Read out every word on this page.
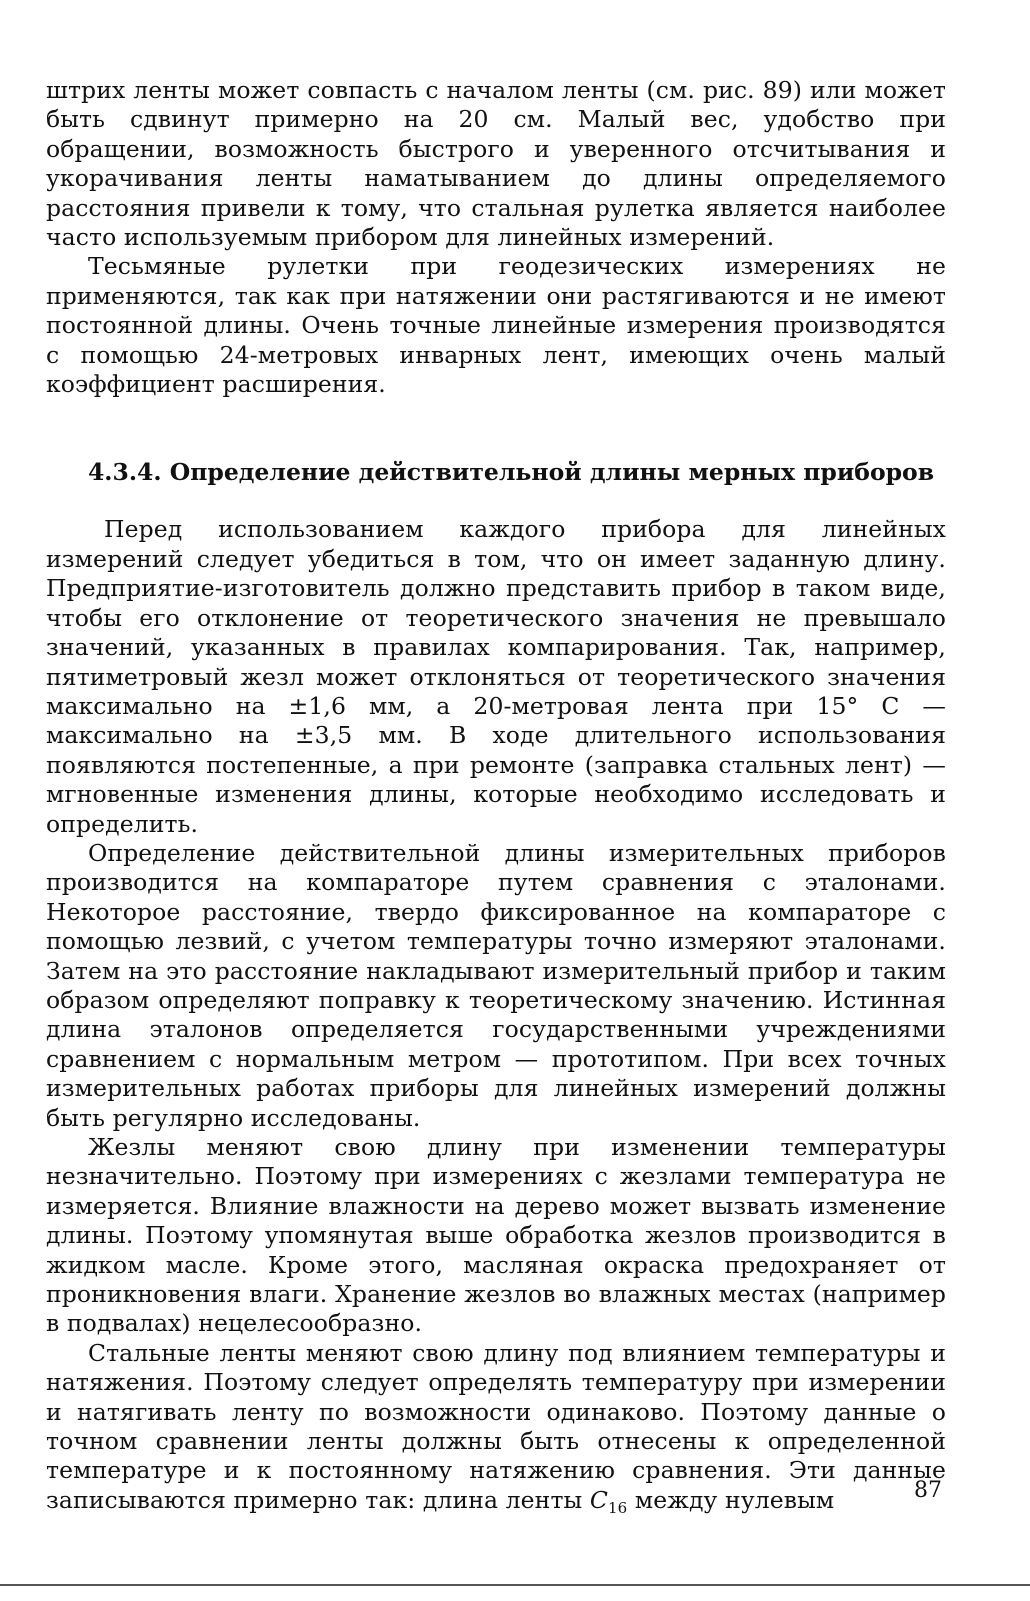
штрих ленты может совпасть с началом ленты (см. рис. 89) или может быть сдвинут примерно на 20 см. Малый вес, удобство при обращении, возможность быстрого и уверенного отсчитывания и укорачивания ленты наматыванием до длины определяемого расстояния привели к тому, что стальная рулетка является наиболее часто используемым прибором для линейных измерений.

Тесьмяные рулетки при геодезических измерениях не применяются, так как при натяжении они растягиваются и не имеют постоянной длины. Очень точные линейные измерения производятся с помощью 24-метровых инварных лент, имеющих очень малый коэффициент расширения.

4.3.4. Определение действительной длины мерных приборов

Перед использованием каждого прибора для линейных измерений следует убедиться в том, что он имеет заданную длину. Предприятие-изготовитель должно представить прибор в таком виде, чтобы его отклонение от теоретического значения не превышало значений, указанных в правилах компарирования. Так, например, пятиметровый жезл может отклоняться от теоретического значения максимально на ±1,6 мм, а 20-метровая лента при 15° С — максимально на ±3,5 мм. В ходе длительного использования появляются постепенные, а при ремонте (заправка стальных лент) — мгновенные изменения длины, которые необходимо исследовать и определить.

Определение действительной длины измерительных приборов производится на компараторе путем сравнения с эталонами. Некоторое расстояние, твердо фиксированное на компараторе с помощью лезвий, с учетом температуры точно измеряют эталонами. Затем на это расстояние накладывают измерительный прибор и таким образом определяют поправку к теоретическому значению. Истинная длина эталонов определяется государственными учреждениями сравнением с нормальным метром — прототипом. При всех точных измерительных работах приборы для линейных измерений должны быть регулярно исследованы.

Жезлы меняют свою длину при изменении температуры незначительно. Поэтому при измерениях с жезлами температура не измеряется. Влияние влажности на дерево может вызвать изменение длины. Поэтому упомянутая выше обработка жезлов производится в жидком масле. Кроме этого, масляная окраска предохраняет от проникновения влаги. Хранение жезлов во влажных местах (например в подвалах) нецелесообразно.

Стальные ленты меняют свою длину под влиянием температуры и натяжения. Поэтому следует определять температуру при измерении и натягивать ленту по возможности одинаково. Поэтому данные о точном сравнении ленты должны быть отнесены к определенной температуре и к постоянному натяжению сравнения. Эти данные записываются примерно так: длина ленты $C_{16}$ между нулевым	87
